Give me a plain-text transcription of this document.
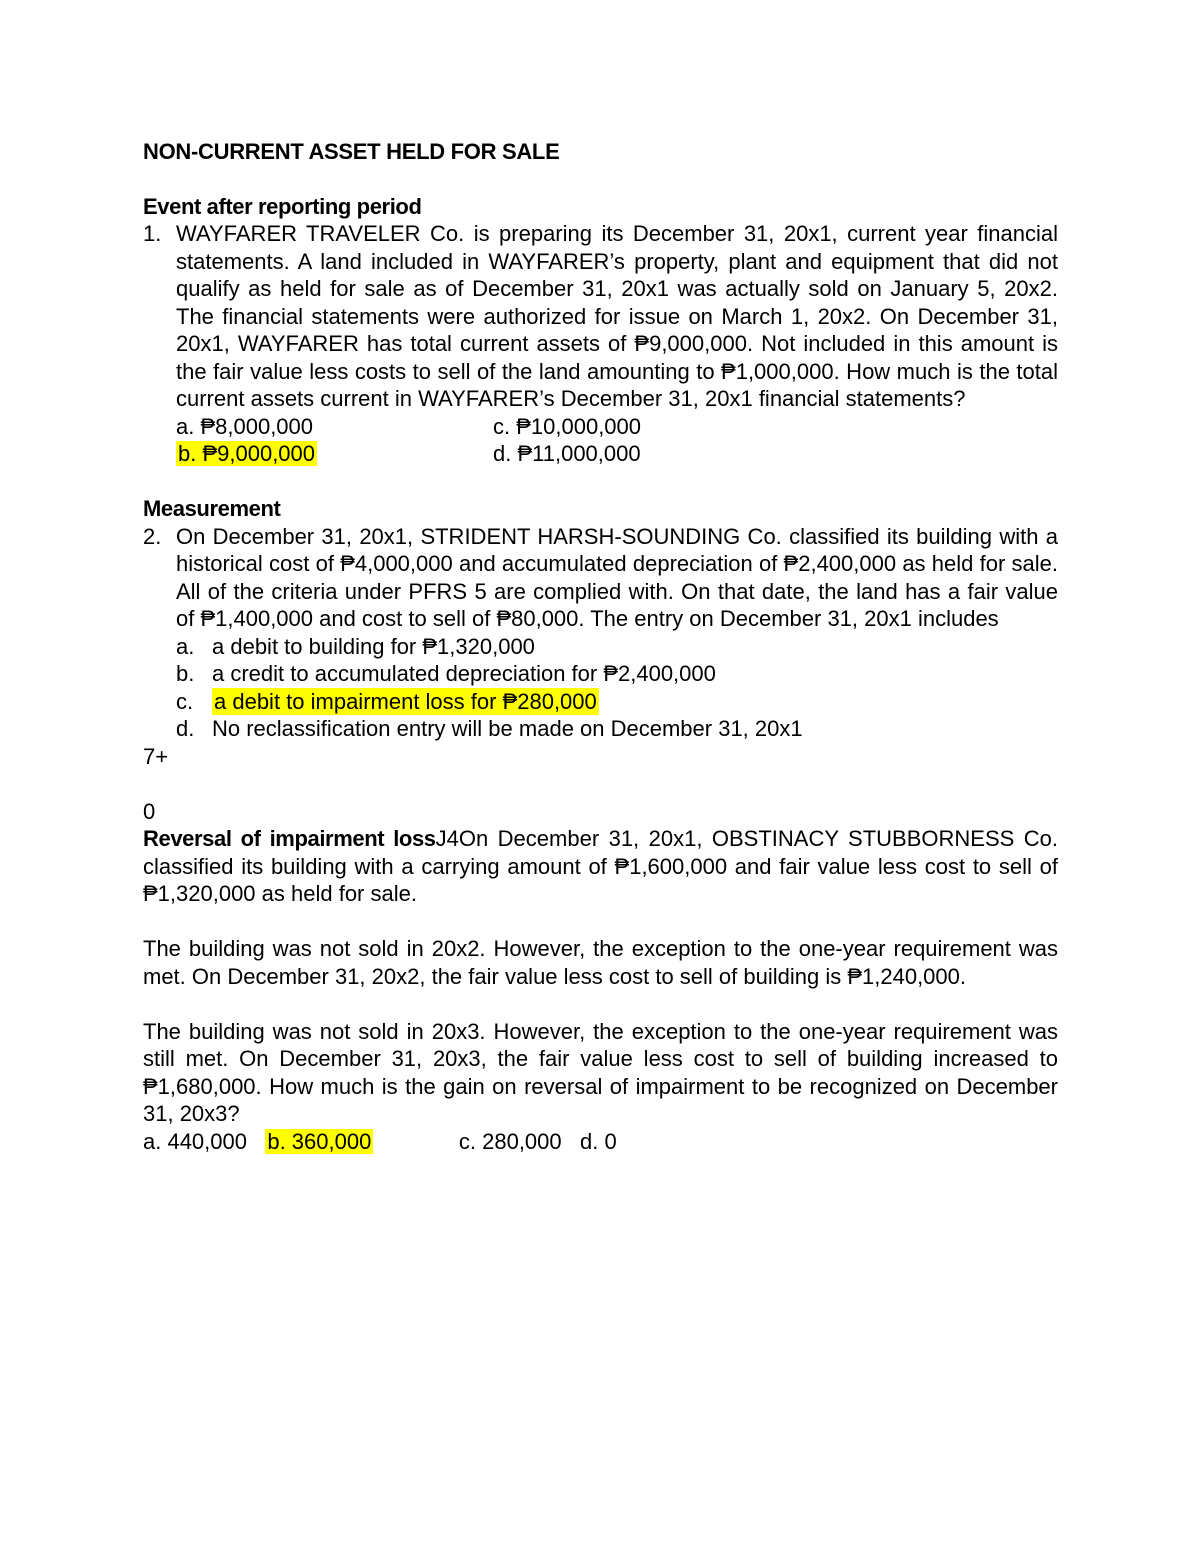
NON-CURRENT ASSET HELD FOR SALE
Event after reporting period
1. WAYFARER TRAVELER Co. is preparing its December 31, 20x1, current year financial statements. A land included in WAYFARER’s property, plant and equipment that did not qualify as held for sale as of December 31, 20x1 was actually sold on January 5, 20x2. The financial statements were authorized for issue on March 1, 20x2. On December 31, 20x1, WAYFARER has total current assets of ₱9,000,000. Not included in this amount is the fair value less costs to sell of the land amounting to ₱1,000,000. How much is the total current assets current in WAYFARER’s December 31, 20x1 financial statements?
a. ₱8,000,000	c. ₱10,000,000
b. ₱9,000,000	d. ₱11,000,000
Measurement
2. On December 31, 20x1, STRIDENT HARSH-SOUNDING Co. classified its building with a historical cost of ₱4,000,000 and accumulated depreciation of ₱2,400,000 as held for sale. All of the criteria under PFRS 5 are complied with. On that date, the land has a fair value of ₱1,400,000 and cost to sell of ₱80,000. The entry on December 31, 20x1 includes
a. a debit to building for ₱1,320,000
b. a credit to accumulated depreciation for ₱2,400,000
c. a debit to impairment loss for ₱280,000
d. No reclassification entry will be made on December 31, 20x1
7+
0
Reversal of impairment lossJ4On December 31, 20x1, OBSTINACY STUBBORNESS Co. classified its building with a carrying amount of ₱1,600,000 and fair value less cost to sell of ₱1,320,000 as held for sale.
The building was not sold in 20x2. However, the exception to the one-year requirement was met. On December 31, 20x2, the fair value less cost to sell of building is ₱1,240,000.
The building was not sold in 20x3. However, the exception to the one-year requirement was still met. On December 31, 20x3, the fair value less cost to sell of building increased to ₱1,680,000. How much is the gain on reversal of impairment to be recognized on December 31, 20x3?
a. 440,000 b. 360,000	c. 280,000 d. 0
